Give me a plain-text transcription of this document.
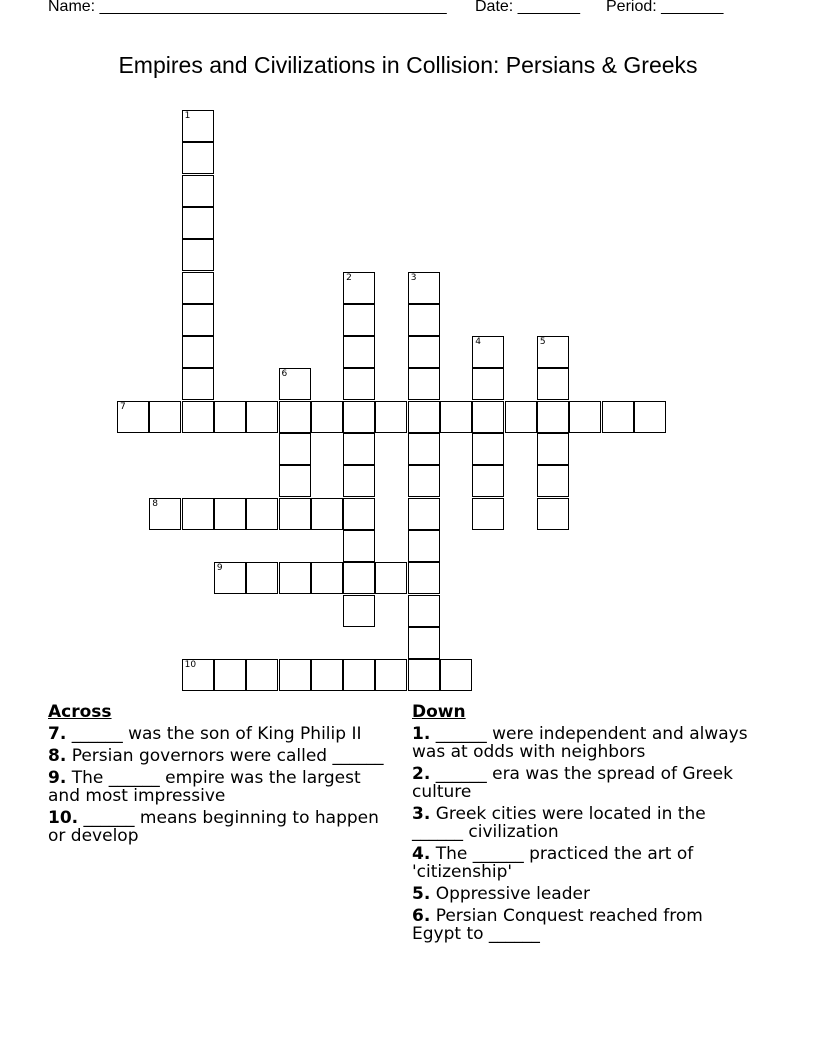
Name: _______________________________________ Date: _______ Period: _______
Empires and Civilizations in Collision: Persians & Greeks
1
2	3
4	5
6
7
8
9
10
Across
7. ______ was the son of King Philip II
8. Persian governors were called ______
9. The ______ empire was the largest and most impressive
10. ______ means beginning to happen or develop
Down
1. ______ were independent and always was at odds with neighbors
2. ______ era was the spread of Greek culture
3. Greek cities were located in the ______ civilization
4. The ______ practiced the art of 'citizenship'
5. Oppressive leader
6. Persian Conquest reached from Egypt to ______
